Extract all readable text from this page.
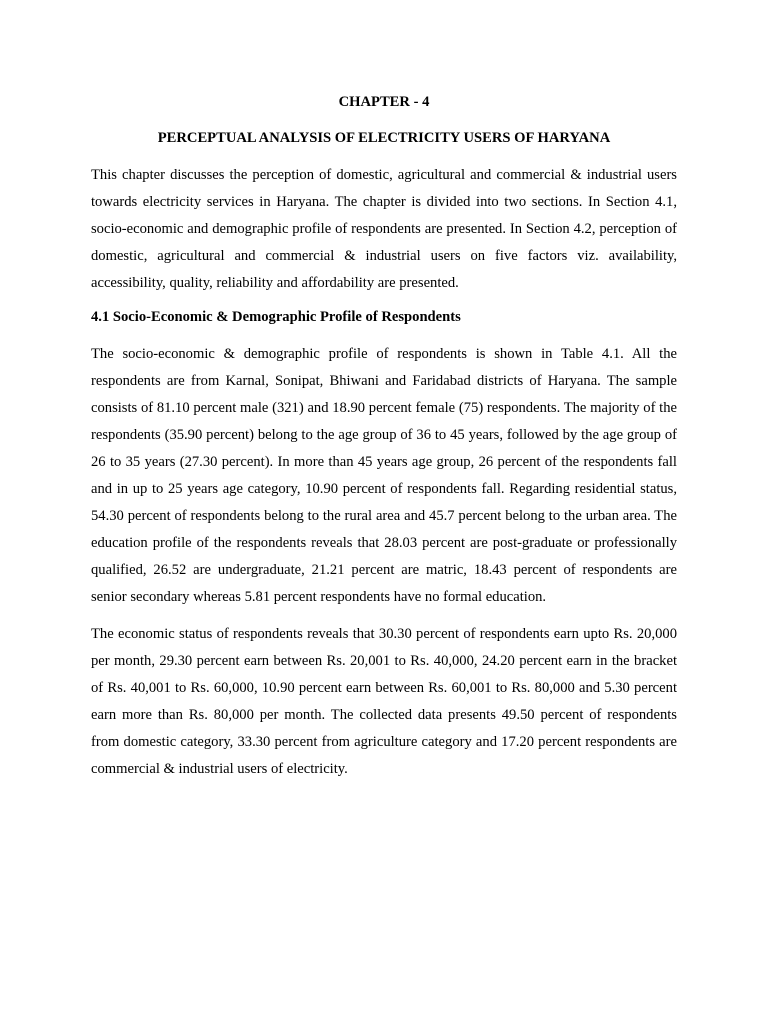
CHAPTER - 4
PERCEPTUAL ANALYSIS OF ELECTRICITY USERS OF HARYANA

This chapter discusses the perception of domestic, agricultural and commercial & industrial users towards electricity services in Haryana. The chapter is divided into two sections. In Section 4.1, socio-economic and demographic profile of respondents are presented. In Section 4.2, perception of domestic, agricultural and commercial & industrial users on five factors viz. availability, accessibility, quality, reliability and affordability are presented.

4.1 Socio-Economic & Demographic Profile of Respondents

The socio-economic & demographic profile of respondents is shown in Table 4.1. All the respondents are from Karnal, Sonipat, Bhiwani and Faridabad districts of Haryana. The sample consists of 81.10 percent male (321) and 18.90 percent female (75) respondents. The majority of the respondents (35.90 percent) belong to the age group of 36 to 45 years, followed by the age group of 26 to 35 years (27.30 percent). In more than 45 years age group, 26 percent of the respondents fall and in up to 25 years age category, 10.90 percent of respondents fall. Regarding residential status, 54.30 percent of respondents belong to the rural area and 45.7 percent belong to the urban area. The education profile of the respondents reveals that 28.03 percent are post-graduate or professionally qualified, 26.52 are undergraduate, 21.21 percent are matric, 18.43 percent of respondents are senior secondary whereas 5.81 percent respondents have no formal education.

The economic status of respondents reveals that 30.30 percent of respondents earn upto Rs. 20,000 per month, 29.30 percent earn between Rs. 20,001 to Rs. 40,000, 24.20 percent earn in the bracket of Rs. 40,001 to Rs. 60,000, 10.90 percent earn between Rs. 60,001 to Rs. 80,000 and 5.30 percent earn more than Rs. 80,000 per month. The collected data presents 49.50 percent of respondents from domestic category, 33.30 percent from agriculture category and 17.20 percent respondents are commercial & industrial users of electricity.
